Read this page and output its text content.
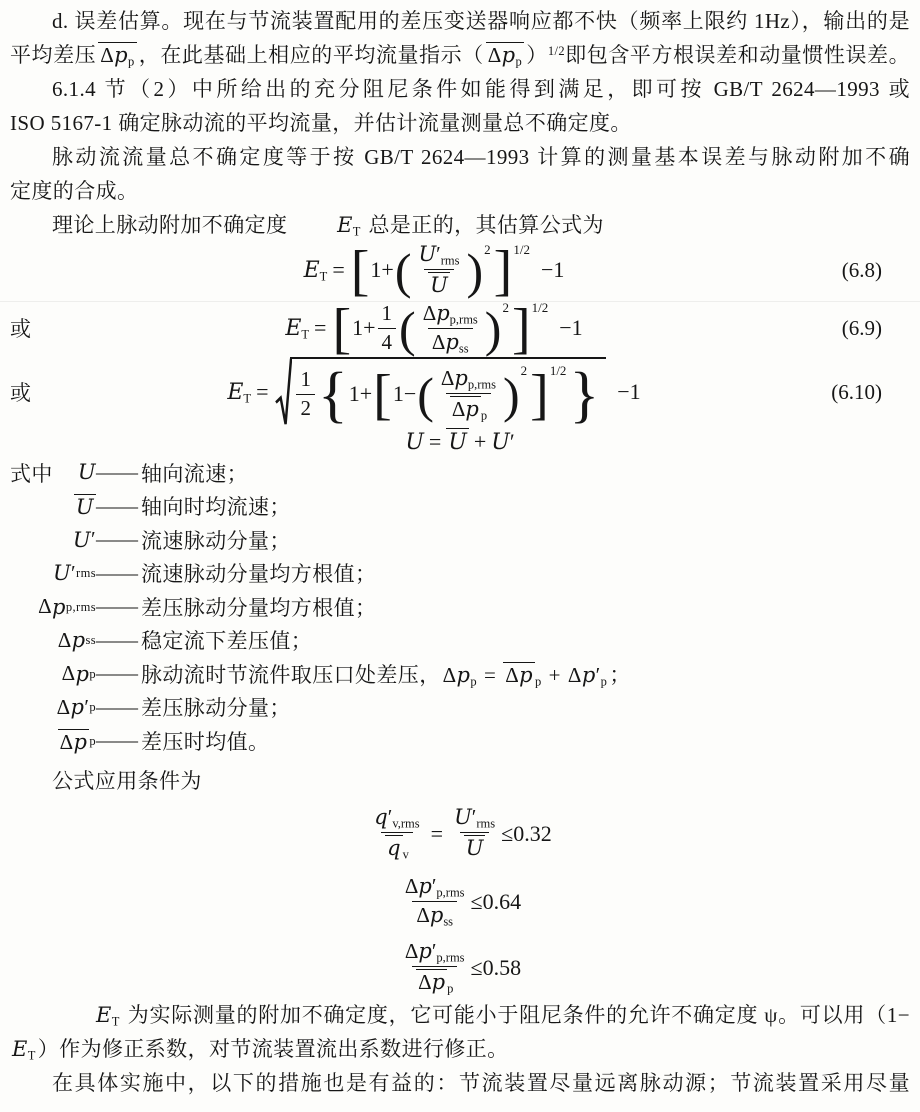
d. 误差估算。现在与节流装置配用的差压变送器响应都不快（频率上限约 1Hz），输出的是
平均差压 $\Delta p_p$ ，在此基础上相应的平均流量指示（ $\Delta p_p$ ）$^{1/2}$即包含平方根误差和动量惯性误差。
6.1.4 节（2）中所给出的充分阻尼条件如能得到满足，即可按 GB/T 2624—1993 或
ISO 5167-1 确定脉动流的平均流量，并估计流量测量总不确定度。
脉动流流量总不确定度等于按 GB/T 2624—1993 计算的测量基本误差与脉动附加不确
定度的合成。
理论上脉动附加不确定度 $E_T$ 总是正的，其估算公式为
$E_T$ = [ 1+ ( $\frac{U'_{rms}}{U} )^2$ ]$^{1/2}$
−1	(6.8)
或	$E_T$ = [ $1+ \frac{1}{4}$ ( $\frac{\Delta p_{p,rms}}{\Delta p_{ss}} )^2$ ]$^{1/2}$
−1	(6.9)
或	$E_T = \frac{1}{2}$ { 1+ [ 1− ( $\frac{\Delta p_{p,rms}}{\Delta p _p} )^2$ ]$^{1/2}$ } −1	(6.10)
U = U + U′
式中 U —— 轴向流速；
U —— 轴向时均流速；
U ′ —— 流速脉动分量；
U ′ rms —— 流速脉动分量均方根值；
Δ p p,rms —— 差压脉动分量均方根值；
Δ p ss —— 稳定流下差压值；
Δ p p —— 脉动流时节流件取压口处差压，$\Delta p_p = \Delta p$ $_p + \Delta p'_p$；
Δ p ′ p —— 差压脉动分量；
Δp p —— 差压时均值。
公式应用条件为
$\frac{q'_{v,rms}}{q _v} = \frac{U'_{rms}}{U} \le 0.32$
$\frac{\Delta p'_{p,rms}}{\Delta p_{ss}} \le 0.64$
$\frac{\Delta p'_{p,rms}}{\Delta p _p} \le 0.58$
$E_T$ 为实际测量的附加不确定度，它可能小于阻尼条件的允许不确定度 ψ。可以用（1−
$E_T$）作为修正系数，对节流装置流出系数进行修正。
在具体实施中，以下的措施也是有益的：节流装置尽量远离脉动源；节流装置采用尽量
